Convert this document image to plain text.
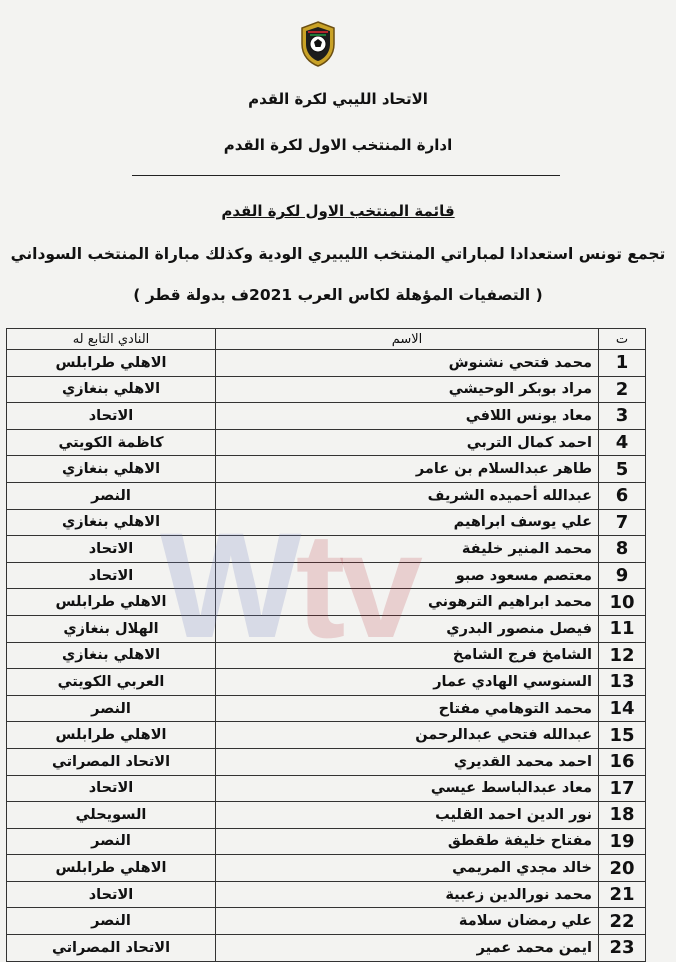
الاتحاد الليبي لكرة القدم
ادارة المنتخب الاول لكرة القدم
قائمة المنتخب الاول لكرة القدم
تجمع تونس استعدادا لمباراتي المنتخب الليبيري الودية وكذلك مباراة المنتخب السوداني
( التصفيات المؤهلة لكاس العرب 2021ف بدولة قطر )
ت	الاسم	النادي التابع له
1	محمد فتحي نشنوش	الاهلي طرابلس
2	مراد بوبكر الوحيشي	الاهلي بنغازي
3	معاد يونس اللافي	الاتحاد
4	احمد كمال التربي	كاظمة الكويتي
5	طاهر عبدالسلام بن عامر	الاهلي بنغازي
6	عبدالله أحميده الشريف	النصر
7	علي يوسف ابراهيم	الاهلي بنغازي
8	محمد المنير خليفة	الاتحاد
9	معتصم مسعود صبو	الاتحاد
10	محمد ابراهيم الترهوني	الاهلي طرابلس
11	فيصل منصور البدري	الهلال بنغازي
12	الشامخ فرج الشامخ	الاهلي بنغازي
13	السنوسي الهادي عمار	العربي الكويتي
14	محمد التوهامي مفتاح	النصر
15	عبدالله فتحي عبدالرحمن	الاهلي طرابلس
16	احمد محمد القديري	الاتحاد المصراتي
17	معاد عبدالباسط عيسي	الاتحاد
18	نور الدين احمد القليب	السويحلي
19	مفتاح خليفة طقطق	النصر
20	خالد مجدي المريمي	الاهلي طرابلس
21	محمد نورالدين زعبية	الاتحاد
22	علي رمضان سلامة	النصر
23	ايمن محمد عمير	الاتحاد المصراتي
Wtv
